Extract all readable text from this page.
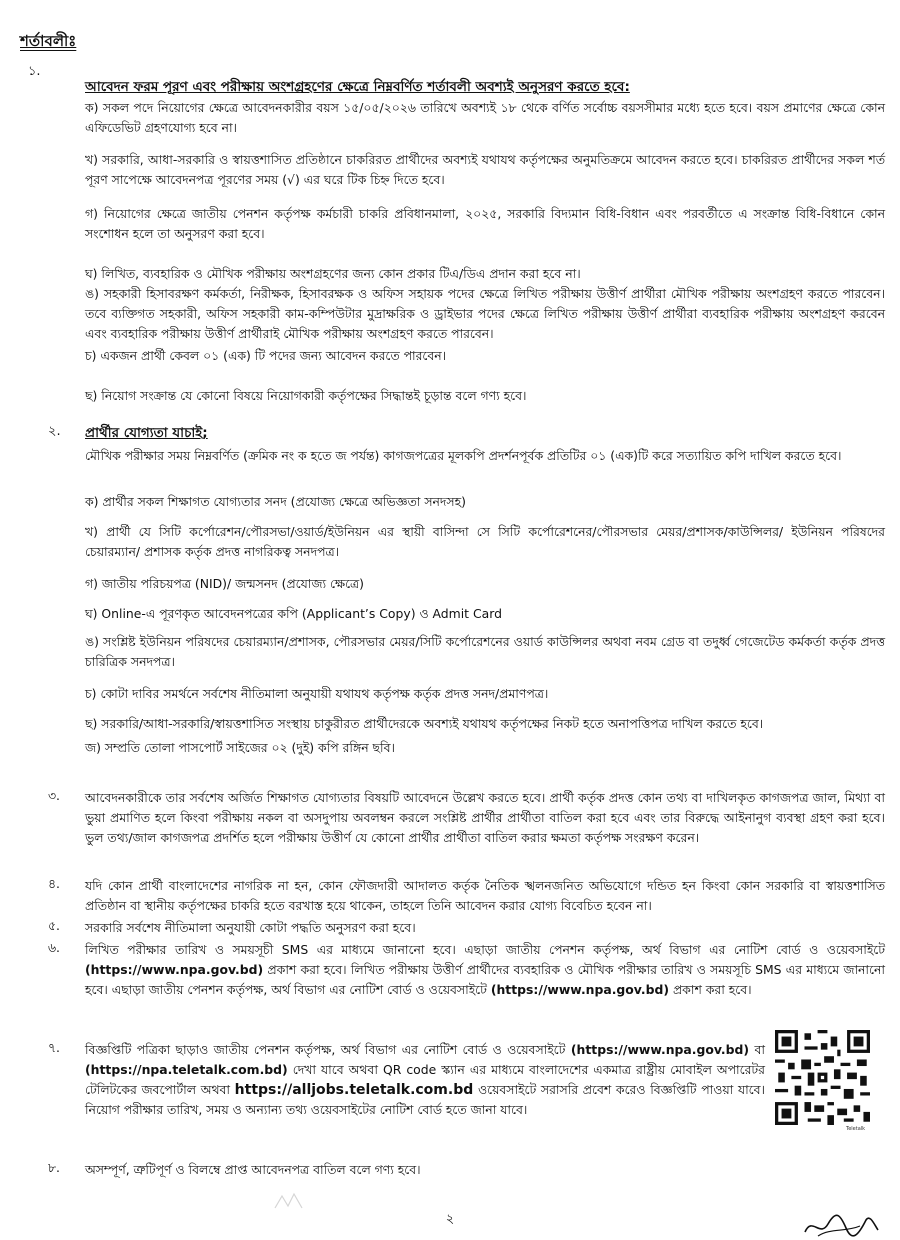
শর্তাবলীঃ
১.
আবেদন ফরম পূরণ এবং পরীক্ষায় অংশগ্রহণের ক্ষেত্রে নিম্নবর্ণিত শর্তাবলী অবশ্যই অনুসরণ করতে হবে:
ক) সকল পদে নিয়োগের ক্ষেত্রে আবেদনকারীর বয়স ১৫/০৫/২০২৬ তারিখে অবশ্যই ১৮ থেকে বর্ণিত সর্বোচ্চ বয়সসীমার মধ্যে হতে হবে। বয়স প্রমাণের ক্ষেত্রে কোন এফিডেভিট গ্রহণযোগ্য হবে না।
খ) সরকারি, আধা-সরকারি ও স্বায়ত্তশাসিত প্রতিষ্ঠানে চাকরিরত প্রার্থীদের অবশ্যই যথাযথ কর্তৃপক্ষের অনুমতিক্রমে আবেদন করতে হবে। চাকরিরত প্রার্থীদের সকল শর্ত পূরণ সাপেক্ষে আবেদনপত্র পূরণের সময় (√) এর ঘরে টিক চিহ্ন দিতে হবে।
গ) নিয়োগের ক্ষেত্রে জাতীয় পেনশন কর্তৃপক্ষ কর্মচারী চাকরি প্রবিধানমালা, ২০২৫, সরকারি বিদ্যমান বিধি-বিধান এবং পরবর্তীতে এ সংক্রান্ত বিধি-বিধানে কোন সংশোধন হলে তা অনুসরণ করা হবে।
ঘ) লিখিত, ব্যবহারিক ও মৌখিক পরীক্ষায় অংশগ্রহণের জন্য কোন প্রকার টিএ/ডিএ প্রদান করা হবে না।
ঙ) সহকারী হিসাবরক্ষণ কর্মকর্তা, নিরীক্ষক, হিসাবরক্ষক ও অফিস সহায়ক পদের ক্ষেত্রে লিখিত পরীক্ষায় উত্তীর্ণ প্রার্থীরা মৌখিক পরীক্ষায় অংশগ্রহণ করতে পারবেন। তবে ব্যক্তিগত সহকারী, অফিস সহকারী কাম-কম্পিউটার মুদ্রাক্ষরিক ও ড্রাইভার পদের ক্ষেত্রে লিখিত পরীক্ষায় উত্তীর্ণ প্রার্থীরা ব্যবহারিক পরীক্ষায় অংশগ্রহণ করবেন এবং ব্যবহারিক পরীক্ষায় উত্তীর্ণ প্রার্থীরাই মৌখিক পরীক্ষায় অংশগ্রহণ করতে পারবেন।
চ) একজন প্রার্থী কেবল ০১ (এক) টি পদের জন্য আবেদন করতে পারবেন।
ছ) নিয়োগ সংক্রান্ত যে কোনো বিষয়ে নিয়োগকারী কর্তৃপক্ষের সিদ্ধান্তই চূড়ান্ত বলে গণ্য হবে।
২. প্রার্থীর যোগ্যতা যাচাই;
মৌখিক পরীক্ষার সময় নিম্নবর্ণিত (ক্রমিক নং ক হতে জ পর্যন্ত) কাগজপত্রের মূলকপি প্রদর্শনপূর্বক প্রতিটির ০১ (এক)টি করে সত্যায়িত কপি দাখিল করতে হবে।
ক) প্রার্থীর সকল শিক্ষাগত যোগ্যতার সনদ (প্রযোজ্য ক্ষেত্রে অভিজ্ঞতা সনদসহ)
খ) প্রার্থী যে সিটি কর্পোরেশন/পৌরসভা/ওয়ার্ড/ইউনিয়ন এর স্থায়ী বাসিন্দা সে সিটি কর্পোরেশনের/পৌরসভার মেয়র/প্রশাসক/কাউন্সিলর/ ইউনিয়ন পরিষদের চেয়ারম্যান/ প্রশাসক কর্তৃক প্রদত্ত নাগরিকত্ব সনদপত্র।
গ) জাতীয় পরিচয়পত্র (NID)/ জন্মসনদ (প্রযোজ্য ক্ষেত্রে)
ঘ) Online-এ পূরণকৃত আবেদনপত্রের কপি (Applicant’s Copy) ও Admit Card
ঙ) সংশ্লিষ্ট ইউনিয়ন পরিষদের চেয়ারম্যান/প্রশাসক, পৌরসভার মেয়র/সিটি কর্পোরেশনের ওয়ার্ড কাউন্সিলর অথবা নবম গ্রেড বা তদুর্ধ্ব গেজেটেড কর্মকর্তা কর্তৃক প্রদত্ত চারিত্রিক সনদপত্র।
চ) কোটা দাবির সমর্থনে সর্বশেষ নীতিমালা অনুযায়ী যথাযথ কর্তৃপক্ষ কর্তৃক প্রদত্ত সনদ/প্রমাণপত্র।
ছ) সরকারি/আধা-সরকারি/স্বায়ত্তশাসিত সংস্থায় চাকুরীরত প্রার্থীদেরকে অবশ্যই যথাযথ কর্তৃপক্ষের নিকট হতে অনাপত্তিপত্র দাখিল করতে হবে।
জ) সম্প্রতি তোলা পাসপোর্ট সাইজের ০২ (দুই) কপি রঙ্গিন ছবি।
৩. আবেদনকারীকে তার সর্বশেষ অর্জিত শিক্ষাগত যোগ্যতার বিষয়টি আবেদনে উল্লেখ করতে হবে। প্রার্থী কর্তৃক প্রদত্ত কোন তথ্য বা দাখিলকৃত কাগজপত্র জাল, মিথ্যা বা ভুয়া প্রমাণিত হলে কিংবা পরীক্ষায় নকল বা অসদুপায় অবলম্বন করলে সংশ্লিষ্ট প্রার্থীর প্রার্থীতা বাতিল করা হবে এবং তার বিরুদ্ধে আইনানুগ ব্যবস্থা গ্রহণ করা হবে। ভুল তথ্য/জাল কাগজপত্র প্রদর্শিত হলে পরীক্ষায় উত্তীর্ণ যে কোনো প্রার্থীর প্রার্থীতা বাতিল করার ক্ষমতা কর্তৃপক্ষ সংরক্ষণ করেন।
৪. যদি কোন প্রার্থী বাংলাদেশের নাগরিক না হন, কোন ফৌজদারী আদালত কর্তৃক নৈতিক স্খলনজনিত অভিযোগে দন্ডিত হন কিংবা কোন সরকারি বা স্বায়ত্তশাসিত প্রতিষ্ঠান বা স্থানীয় কর্তৃপক্ষের চাকরি হতে বরখাস্ত হয়ে থাকেন, তাহলে তিনি আবেদন করার যোগ্য বিবেচিত হবেন না।
৫. সরকারি সর্বশেষ নীতিমালা অনুযায়ী কোটা পদ্ধতি অনুসরণ করা হবে।
৬. লিখিত পরীক্ষার তারিখ ও সময়সূচী SMS এর মাধ্যমে জানানো হবে। এছাড়া জাতীয় পেনশন কর্তৃপক্ষ, অর্থ বিভাগ এর নোটিশ বোর্ড ও ওয়েবসাইটে (https://www.npa.gov.bd) প্রকাশ করা হবে। লিখিত পরীক্ষায় উত্তীর্ণ প্রার্থীদের ব্যবহারিক ও মৌখিক পরীক্ষার তারিখ ও সময়সূচি SMS এর মাধ্যমে জানানো হবে। এছাড়া জাতীয় পেনশন কর্তৃপক্ষ, অর্থ বিভাগ এর নোটিশ বোর্ড ও ওয়েবসাইটে (https://www.npa.gov.bd) প্রকাশ করা হবে।
৭. বিজ্ঞপ্তিটি পত্রিকা ছাড়াও জাতীয় পেনশন কর্তৃপক্ষ, অর্থ বিভাগ এর নোটিশ বোর্ড ও ওয়েবসাইটে (https://www.npa.gov.bd) বা (https://npa.teletalk.com.bd) দেখা যাবে অথবা QR code স্ক্যান এর মাধ্যমে বাংলাদেশের একমাত্র রাষ্ট্রীয় মোবাইল অপারেটর টেলিটকের জবপোর্টাল অথবা https://alljobs.teletalk.com.bd ওয়েবসাইটে সরাসরি প্রবেশ করেও বিজ্ঞপ্তিটি পাওয়া যাবে। নিয়োগ পরীক্ষার তারিখ, সময় ও অন্যান্য তথ্য ওয়েবসাইটের নোটিশ বোর্ড হতে জানা যাবে।
Teletalk
৮. অসম্পূর্ণ, ত্রুটিপূর্ণ ও বিলম্বে প্রাপ্ত আবেদনপত্র বাতিল বলে গণ্য হবে।
২
